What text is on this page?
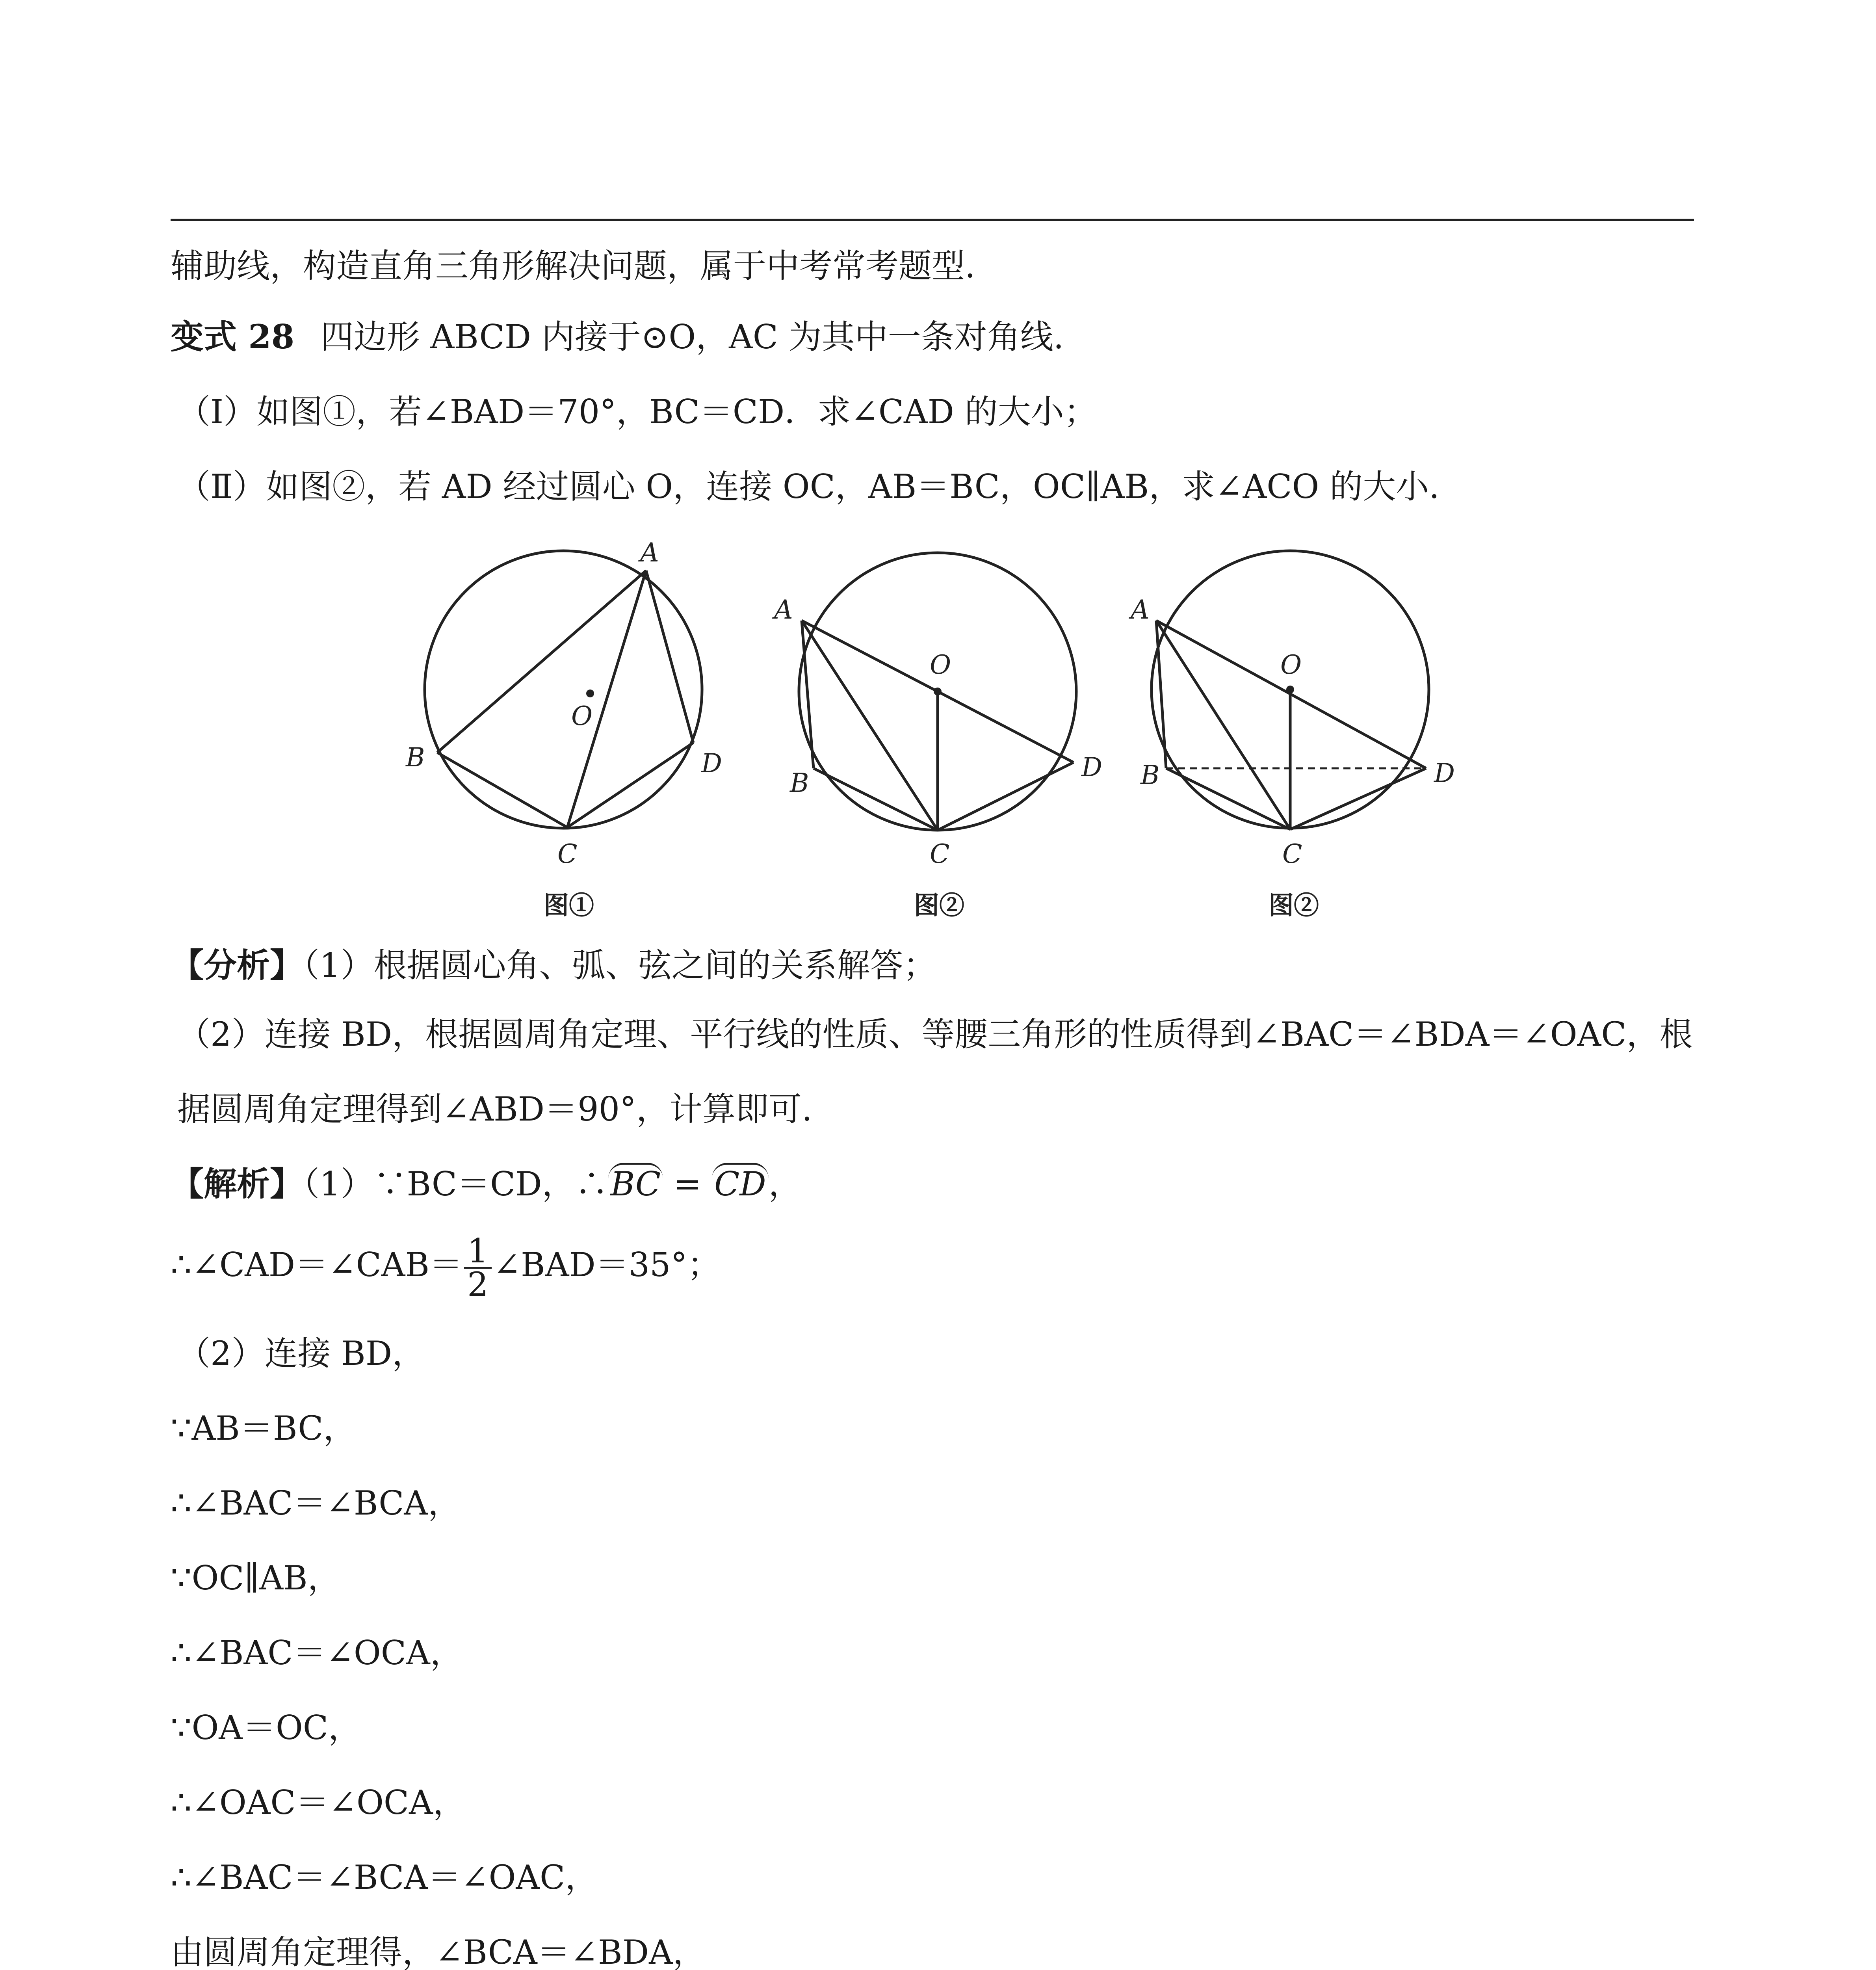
辅助线，构造直角三角形解决问题，属于中考常考题型.
变式 28 四边形 ABCD 内接于⊙O，AC 为其中一条对角线.
（Ⅰ）如图①，若∠BAD＝70°，BC＝CD．求∠CAD 的大小；
（Ⅱ）如图②，若 AD 经过圆心 O，连接 OC，AB＝BC，OC∥AB，求∠ACO 的大小.
A
B
C
D
O
图①
A
B
C
D
O
图②
A
B
C
D
O
图②
【分析】（1）根据圆心角、弧、弦之间的关系解答；
（2）连接 BD，根据圆周角定理、平行线的性质、等腰三角形的性质得到∠BAC＝∠BDA＝∠OAC，根据圆周角定理得到∠ABD＝90°，计算即可.
【解析】（1）∵BC＝CD，∴BC = CD，
∴∠CAD＝∠CAB＝ $\frac{1}{2}$ ∠BAD＝35°；
（2）连接 BD，
∵AB＝BC，
∴∠BAC＝∠BCA，
∵OC∥AB，
∴∠BAC＝∠OCA，
∵OA＝OC，
∴∠OAC＝∠OCA，
∴∠BAC＝∠BCA＝∠OAC，
由圆周角定理得，∠BCA＝∠BDA，
